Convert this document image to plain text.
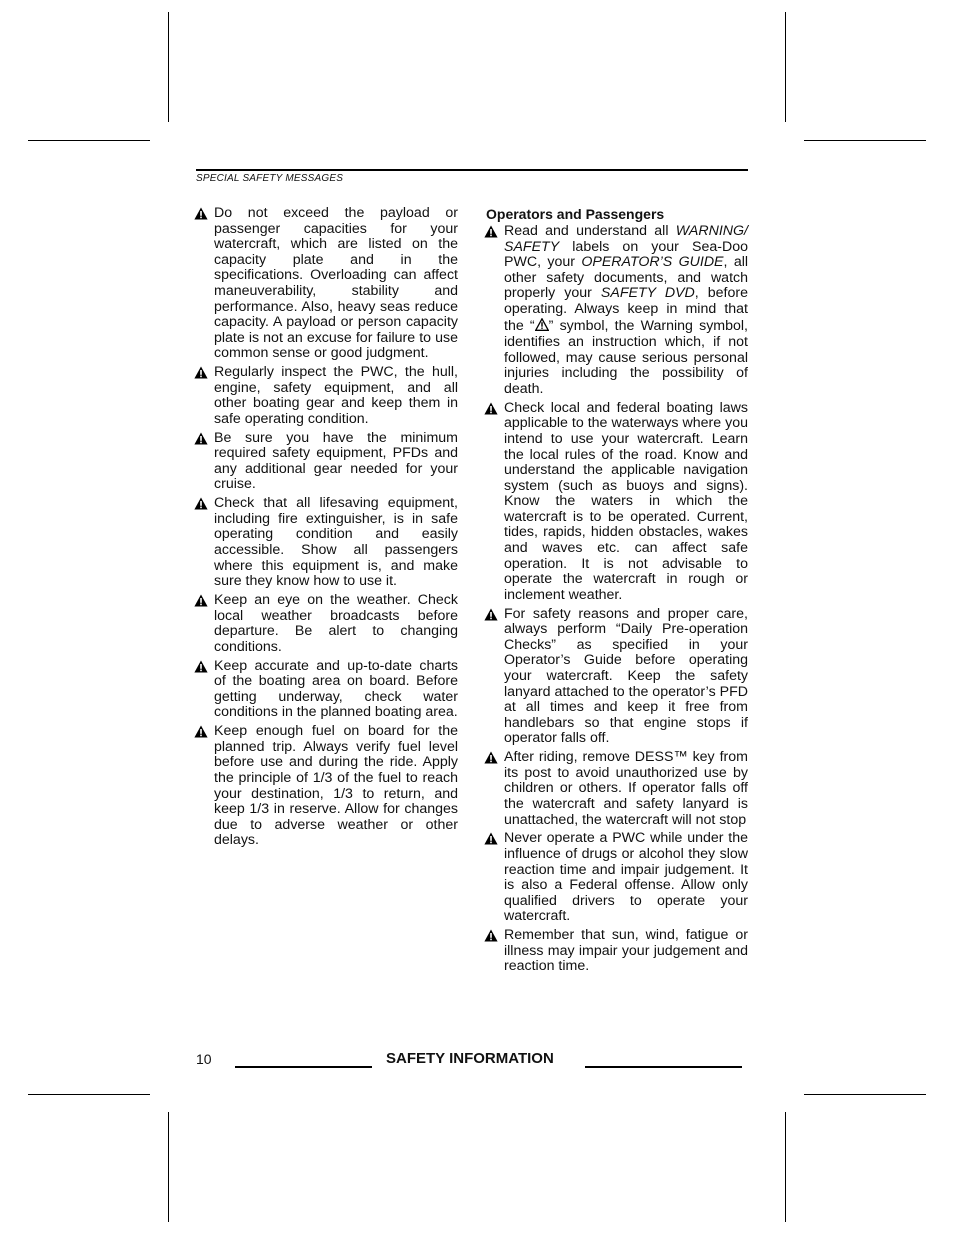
SPECIAL SAFETY MESSAGES

Do not exceed the payload or passenger capacities for your watercraft, which are listed on the capacity plate and in the specifications. Overloading can affect maneuverability, stability and performance. Also, heavy seas reduce capacity. A payload or person capacity plate is not an excuse for failure to use common sense or good judgment.

Regularly inspect the PWC, the hull, engine, safety equipment, and all other boating gear and keep them in safe operating condition.

Be sure you have the minimum required safety equipment, PFDs and any additional gear needed for your cruise.

Check that all lifesaving equipment, including fire extinguisher, is in safe operating condition and easily accessible. Show all passengers where this equipment is, and make sure they know how to use it.

Keep an eye on the weather. Check local weather broadcasts before departure. Be alert to changing conditions.

Keep accurate and up-to-date charts of the boating area on board. Before getting underway, check water conditions in the planned boating area.

Keep enough fuel on board for the planned trip. Always verify fuel level before use and during the ride. Apply the principle of 1/3 of the fuel to reach your destination, 1/3 to return, and keep 1/3 in reserve. Allow for changes due to adverse weather or other delays.

Operators and Passengers

Read and understand all WARNING/ SAFETY labels on your Sea-Doo PWC, your OPERATOR’S GUIDE, all other safety documents, and watch properly your SAFETY DVD, before operating. Always keep in mind that the “ ” symbol, the Warning symbol, identifies an instruction which, if not followed, may cause serious personal injuries including the possibility of death.

Check local and federal boating laws applicable to the waterways where you intend to use your watercraft. Learn the local rules of the road. Know and understand the applicable navigation system (such as buoys and signs). Know the waters in which the watercraft is to be operated. Current, tides, rapids, hidden obstacles, wakes and waves etc. can affect safe operation. It is not advisable to operate the watercraft in rough or inclement weather.

For safety reasons and proper care, always perform “Daily Pre-operation Checks” as specified in your Operator’s Guide before operating your watercraft. Keep the safety lanyard attached to the operator’s PFD at all times and keep it free from handlebars so that engine stops if operator falls off.

After riding, remove DESS™ key from its post to avoid unauthorized use by children or others. If operator falls off the watercraft and safety lanyard is unattached, the watercraft will not stop

Never operate a PWC while under the influence of drugs or alcohol they slow reaction time and impair judgement. It is also a Federal offense. Allow only qualified drivers to operate your watercraft.

Remember that sun, wind, fatigue or illness may impair your judgement and reaction time.

10	SAFETY INFORMATION
